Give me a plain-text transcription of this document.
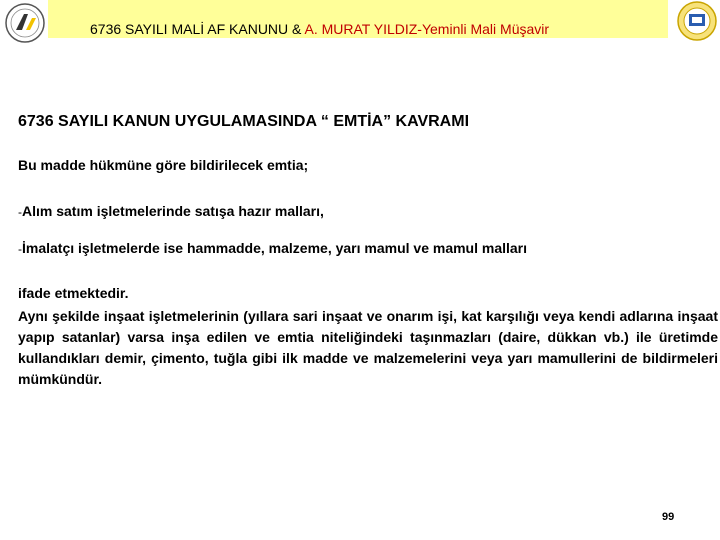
6736 SAYILI MALİ AF KANUNU & A. MURAT YILDIZ-Yeminli Mali Müşavir
6736 SAYILI KANUN UYGULAMASINDA “ EMTİA” KAVRAMI
Bu madde hükmüne göre bildirilecek emtia;
-Alım satım işletmelerinde satışa hazır malları,
-İmalatçı işletmelerde ise hammadde, malzeme, yarı mamul ve mamul malları
ifade etmektedir.
Aynı şekilde inşaat işletmelerinin (yıllara sari inşaat ve onarım işi, kat karşılığı veya kendi adlarına inşaat yapıp satanlar) varsa inşa edilen ve emtia niteliğindeki taşınmazları (daire, dükkan vb.) ile üretimde kullandıkları demir, çimento, tuğla gibi ilk madde ve malzemelerini veya yarı mamullerini de bildirmeleri mümkündür.
99
